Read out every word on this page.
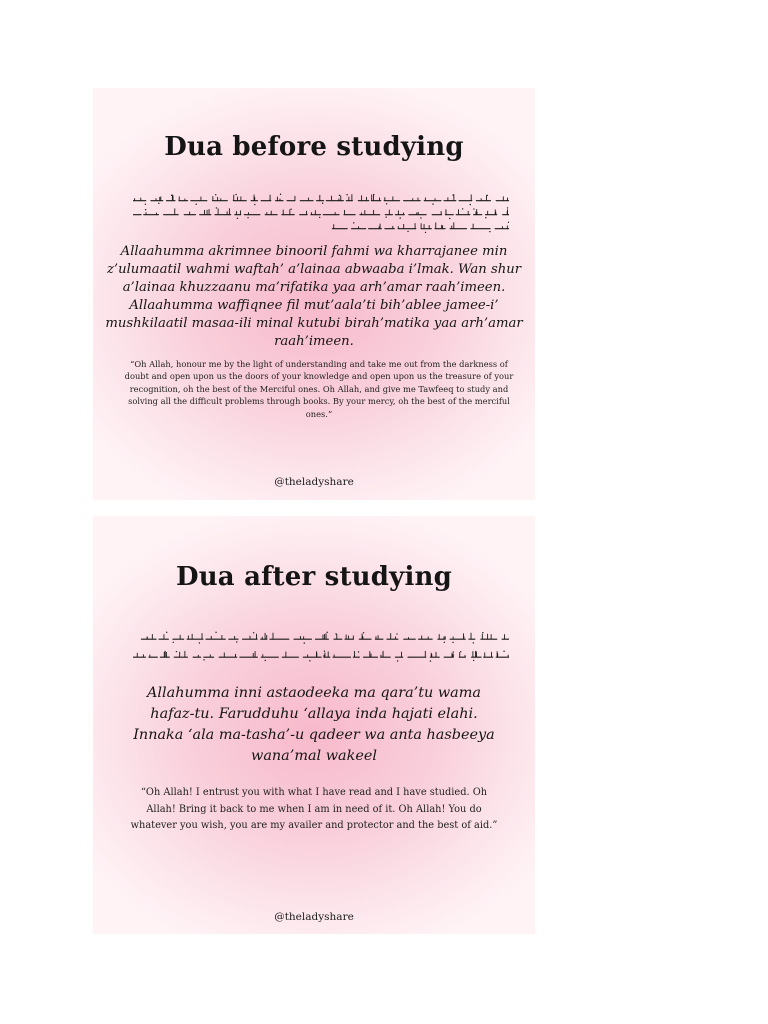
Dua before studying
Allaahumma akrimnee binooril fahmi wa kharrajanee min z’ulumaatil wahmi waftah’ a’lainaa abwaaba i’lmak. Wan shur a’lainaa khuzzaanu ma’rifatika yaa arh’amar raah’imeen. Allaahumma waffiqnee fil mut’aala’ti bih’ablee jamee-i’ mushkilaatil masaa-ili minal kutubi birah’matika yaa arh’amar raah’imeen.
“Oh Allah, honour me by the light of understanding and take me out from the darkness of doubt and open upon us the doors of your knowledge and open upon us the treasure of your recognition, oh the best of the Merciful ones. Oh Allah, and give me Tawfeeq to study and solving all the difficult problems through books. By your mercy, oh the best of the merciful ones.”
@theladyshare
Dua after studying
Allahumma inni astaodeeka ma qara’tu wama hafaz-tu. Farudduhu ‘allaya inda hajati elahi. Innaka ‘ala ma-tasha’-u qadeer wa anta hasbeeya wana’mal wakeel
“Oh Allah! I entrust you with what I have read and I have studied. Oh Allah! Bring it back to me when I am in need of it. Oh Allah! You do whatever you wish, you are my availer and protector and the best of aid.”
@theladyshare
